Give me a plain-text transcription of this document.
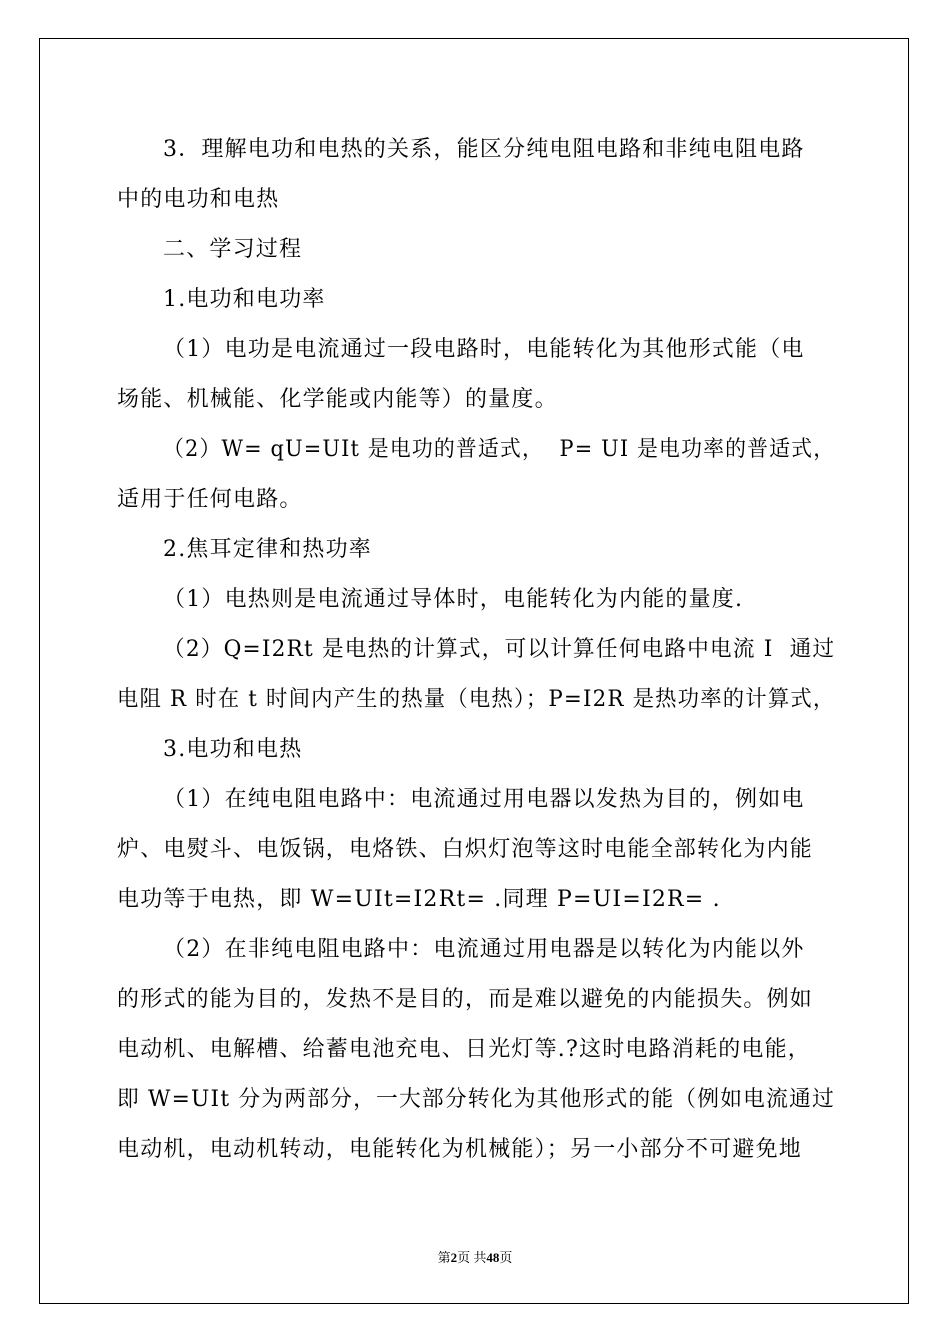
3．理解电功和电热的关系，能区分纯电阻电路和非纯电阻电路
中的电功和电热
二、学习过程
1.电功和电功率
（1）电功是电流通过一段电路时，电能转化为其他形式能（电
场能、机械能、化学能或内能等）的量度。
（2）W= qU=UIt 是电功的普适式，  P= UI 是电功率的普适式，
适用于任何电路。
2.焦耳定律和热功率
（1）电热则是电流通过导体时，电能转化为内能的量度.
（2）Q=I2Rt 是电热的计算式，可以计算任何电路中电流 I  通过
电阻 R 时在 t 时间内产生的热量（电热）；P=I2R 是热功率的计算式，
3.电功和电热
（1）在纯电阻电路中：电流通过用电器以发热为目的，例如电
炉、电熨斗、电饭锅，电烙铁、白炽灯泡等这时电能全部转化为内能
电功等于电热，即 W=UIt=I2Rt= .同理 P=UI=I2R= .
（2）在非纯电阻电路中：电流通过用电器是以转化为内能以外
的形式的能为目的，发热不是目的，而是难以避免的内能损失。例如
电动机、电解槽、给蓄电池充电、日光灯等.?这时电路消耗的电能，
即 W=UIt 分为两部分，一大部分转化为其他形式的能（例如电流通过
电动机，电动机转动，电能转化为机械能）；另一小部分不可避免地
第2页 共48页
